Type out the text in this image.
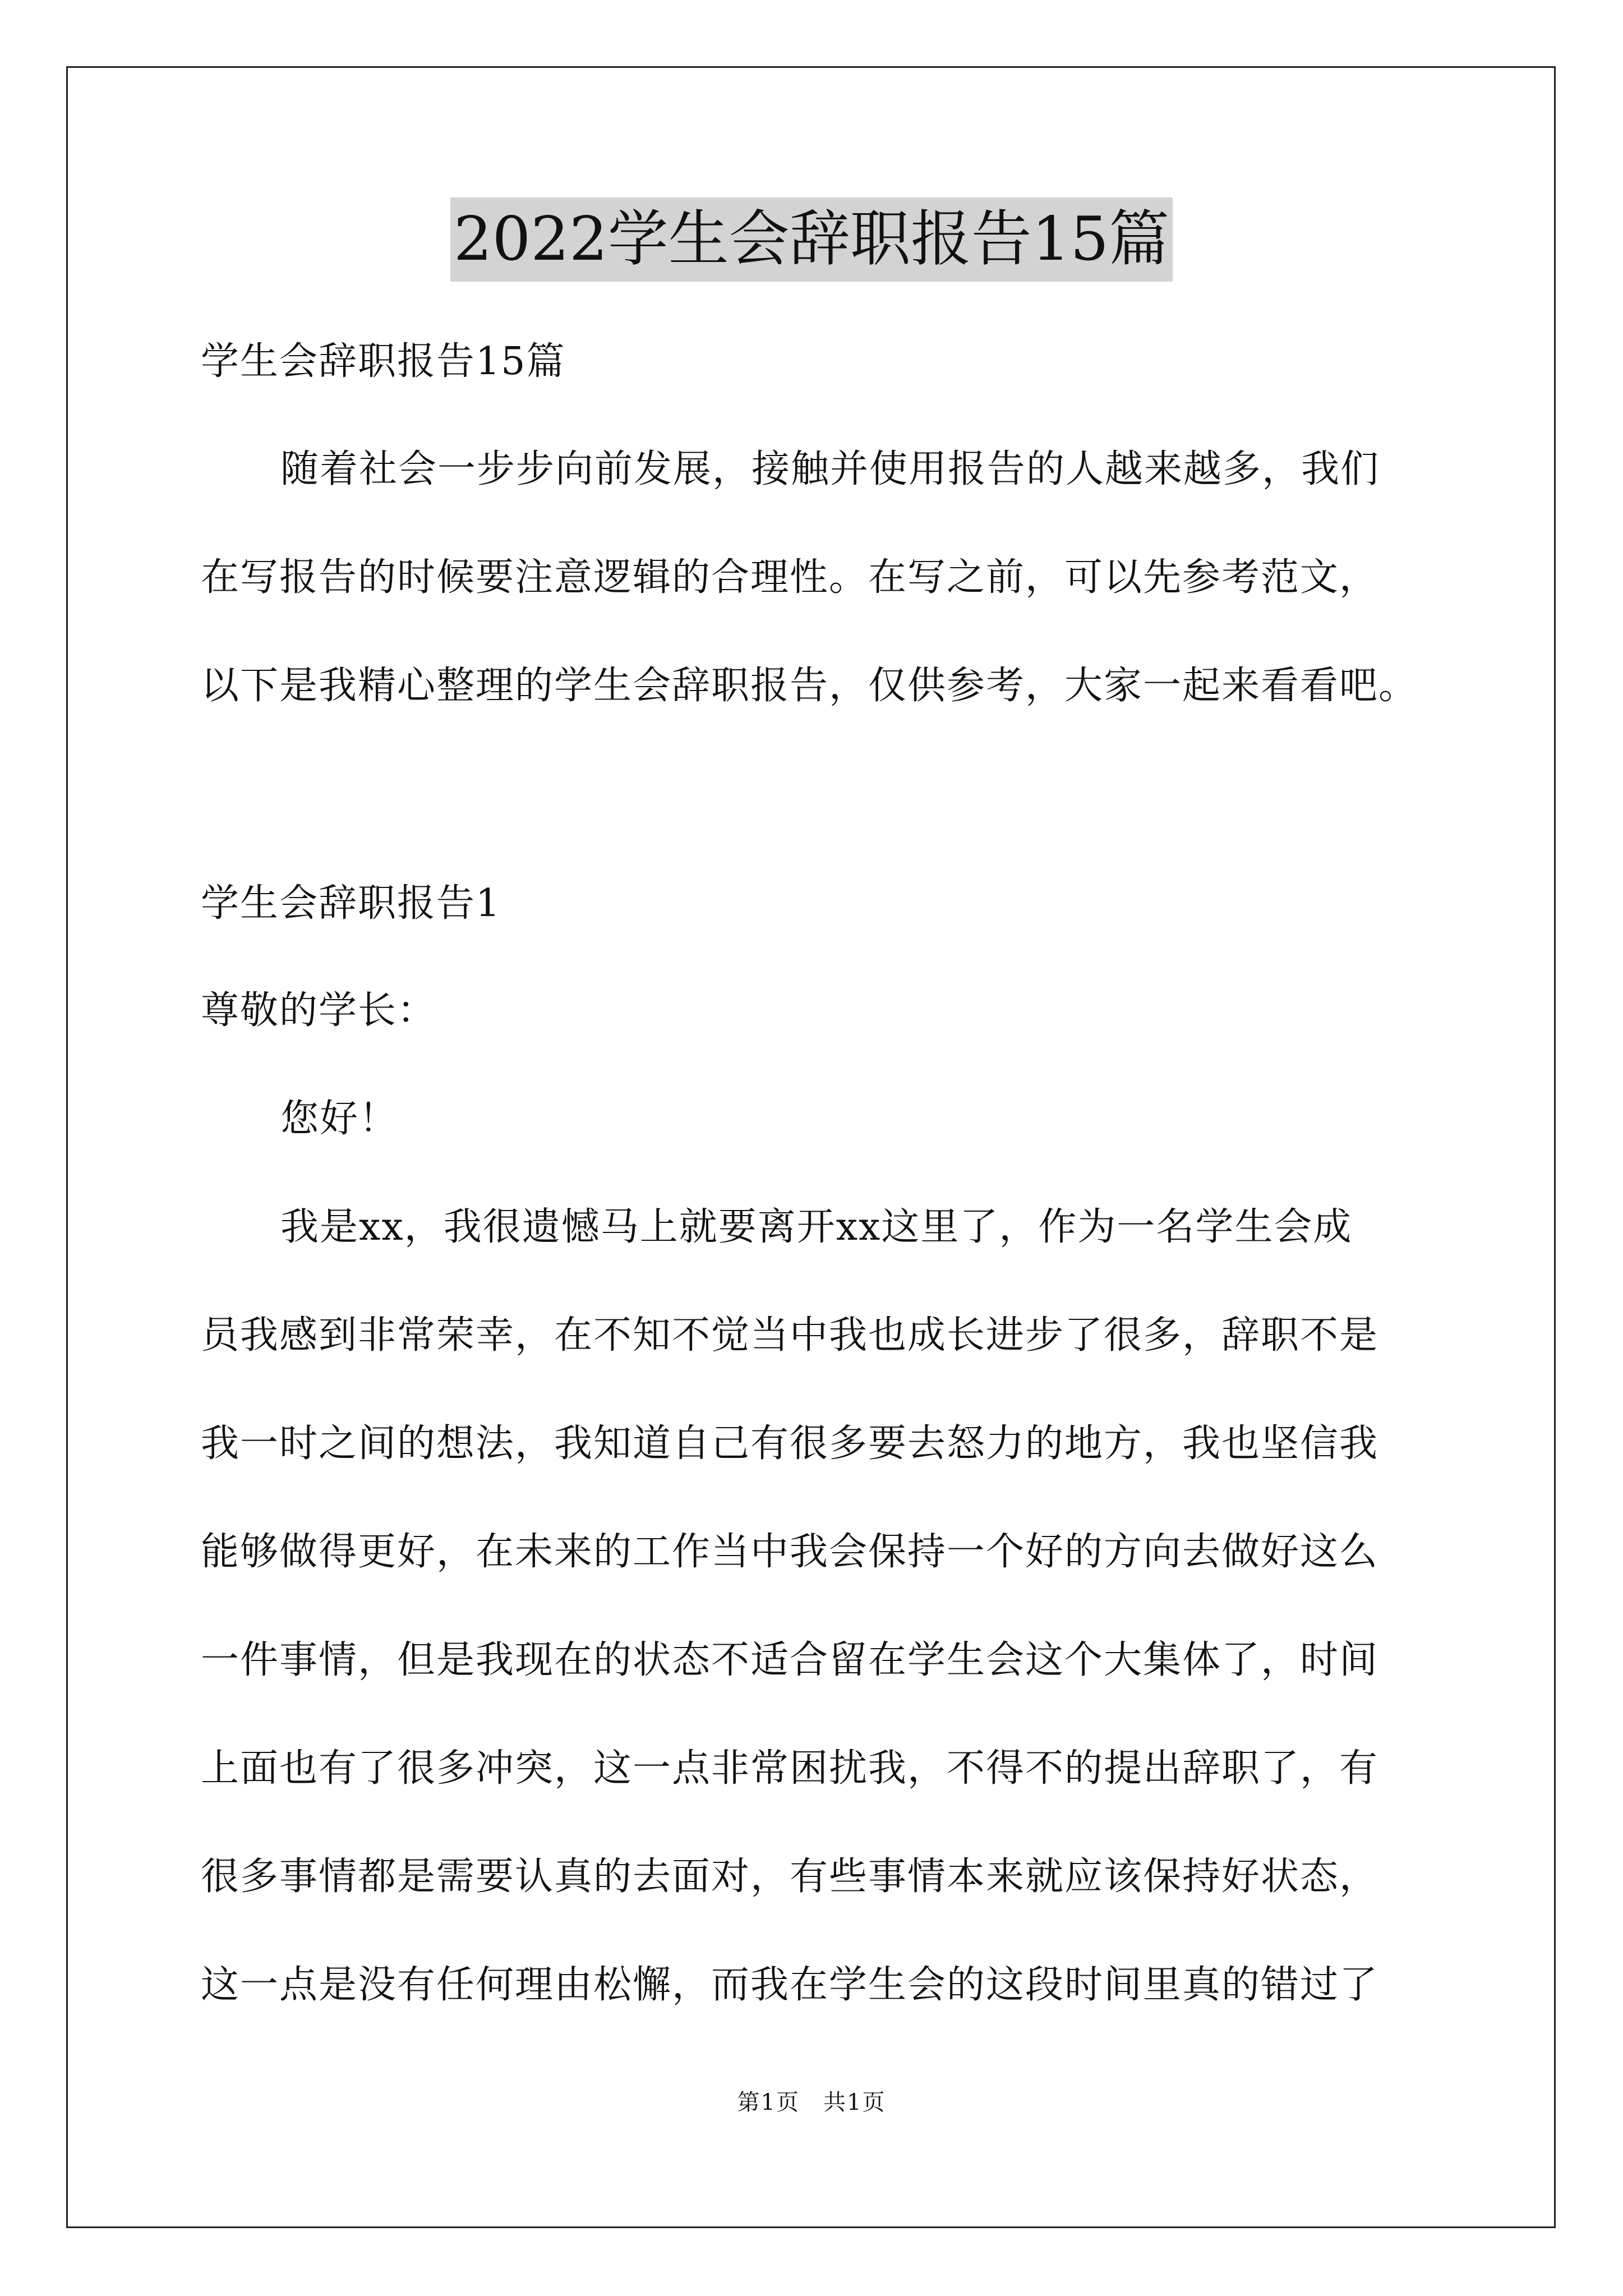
2022学生会辞职报告15篇
学生会辞职报告15篇
随着社会一步步向前发展，接触并使用报告的人越来越多，我们
在写报告的时候要注意逻辑的合理性。在写之前，可以先参考范文，
以下是我精心整理的学生会辞职报告，仅供参考，大家一起来看看吧。
学生会辞职报告1
尊敬的学长：
您好！
我是xx，我很遗憾马上就要离开xx这里了，作为一名学生会成
员我感到非常荣幸，在不知不觉当中我也成长进步了很多，辞职不是
我一时之间的想法，我知道自己有很多要去怒力的地方，我也坚信我
能够做得更好，在未来的工作当中我会保持一个好的方向去做好这么
一件事情，但是我现在的状态不适合留在学生会这个大集体了，时间
上面也有了很多冲突，这一点非常困扰我，不得不的提出辞职了，有
很多事情都是需要认真的去面对，有些事情本来就应该保持好状态，
这一点是没有任何理由松懈，而我在学生会的这段时间里真的错过了
第1页　共1页
